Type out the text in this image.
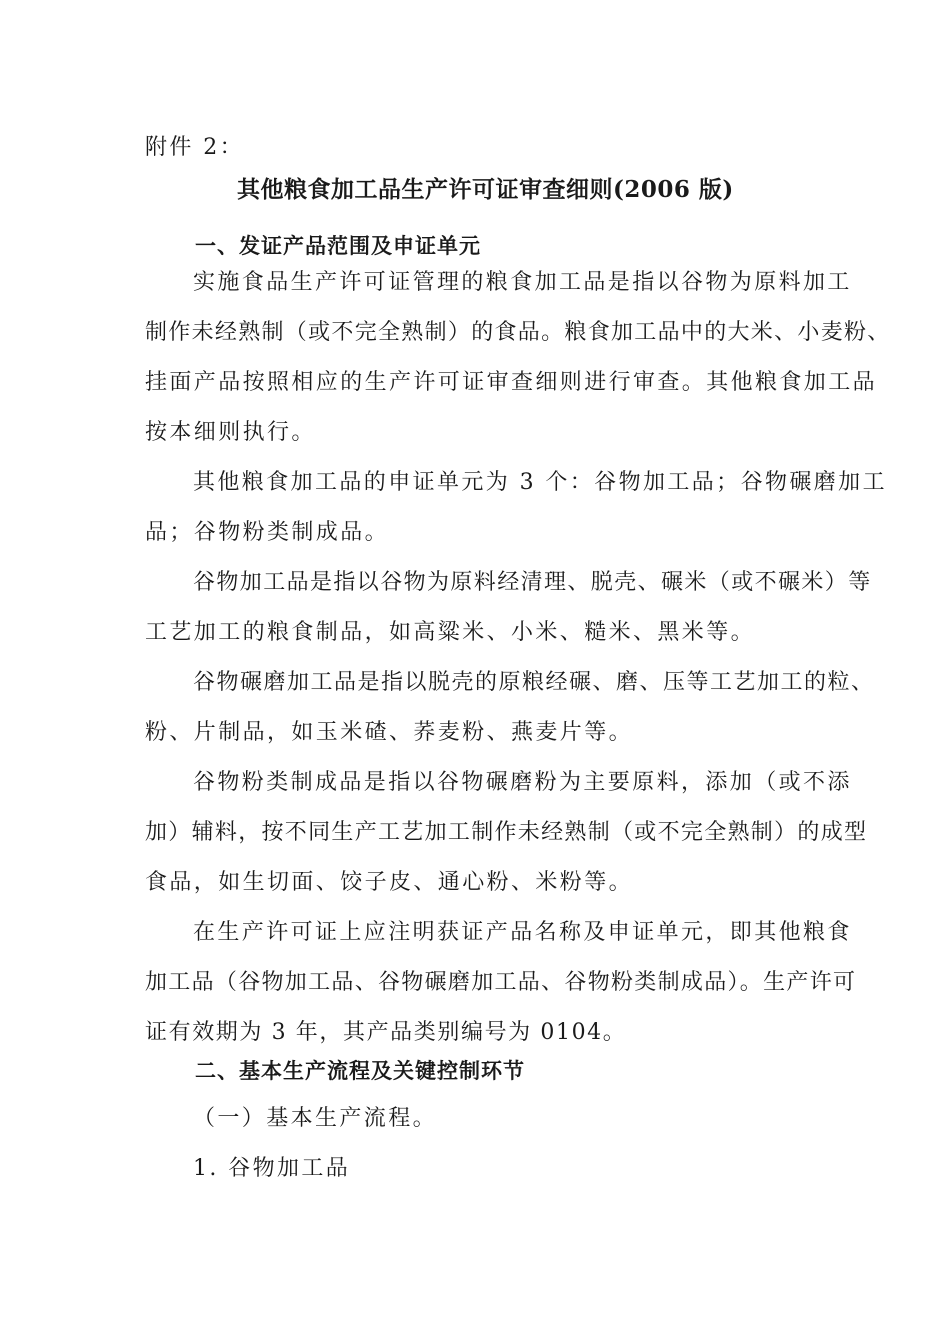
附件 2：
其他粮食加工品生产许可证审查细则(2006 版)
一、发证产品范围及申证单元
实施食品生产许可证管理的粮食加工品是指以谷物为原料加工
制作未经熟制（或不完全熟制）的食品。粮食加工品中的大米、小麦粉、
挂面产品按照相应的生产许可证审查细则进行审查。其他粮食加工品
按本细则执行。
其他粮食加工品的申证单元为 3 个：谷物加工品；谷物碾磨加工
品；谷物粉类制成品。
谷物加工品是指以谷物为原料经清理、脱壳、碾米（或不碾米）等
工艺加工的粮食制品，如高粱米、小米、糙米、黑米等。
谷物碾磨加工品是指以脱壳的原粮经碾、磨、压等工艺加工的粒、
粉、片制品，如玉米碴、荞麦粉、燕麦片等。
谷物粉类制成品是指以谷物碾磨粉为主要原料，添加（或不添
加）辅料，按不同生产工艺加工制作未经熟制（或不完全熟制）的成型
食品，如生切面、饺子皮、通心粉、米粉等。
在生产许可证上应注明获证产品名称及申证单元，即其他粮食
加工品（谷物加工品、谷物碾磨加工品、谷物粉类制成品）。生产许可
证有效期为 3 年，其产品类别编号为 0104。
二、基本生产流程及关键控制环节
（一）基本生产流程。
1. 谷物加工品
